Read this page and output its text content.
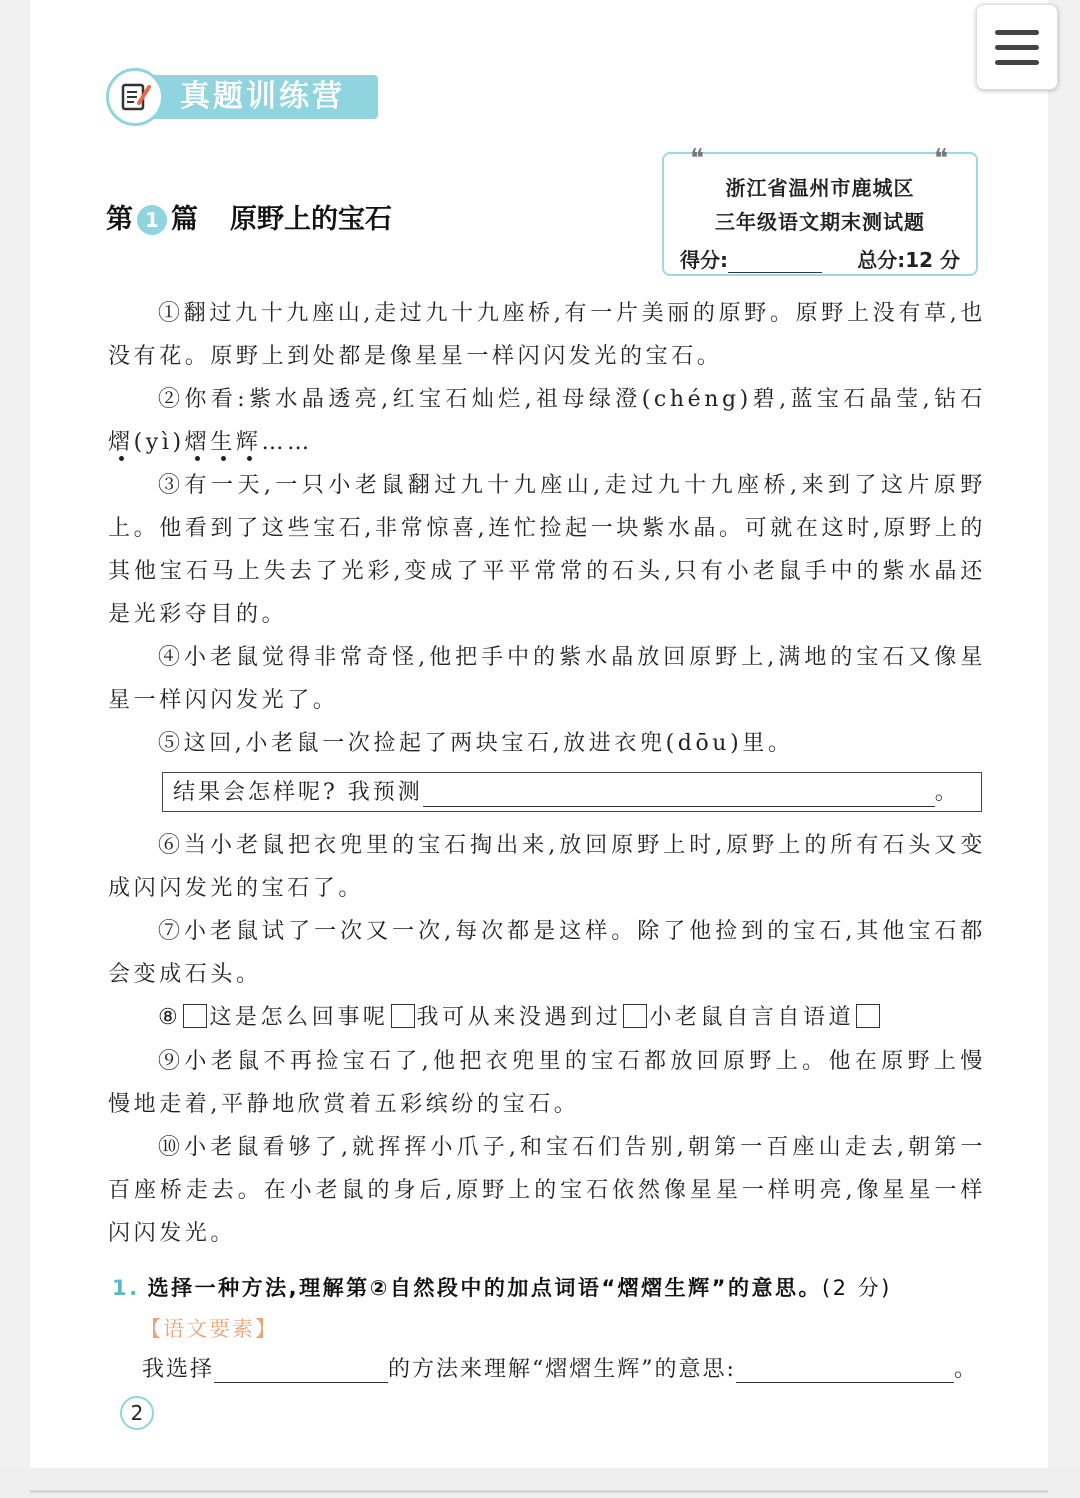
真题训练营
第 1 篇 原野上的宝石
❝	❝
浙江省温州市鹿城区
三年级语文期末测试题
得分:	总分:12 分

①翻过九十九座山,走过九十九座桥,有一片美丽的原野。原野上没有草,也没有花。原野上到处都是像星星一样闪闪发光的宝石。

②你看:紫水晶透亮,红宝石灿烂,祖母绿澄(chéng)碧,蓝宝石晶莹,钻石熠(yì)熠生辉……

③有一天,一只小老鼠翻过九十九座山,走过九十九座桥,来到了这片原野上。他看到了这些宝石,非常惊喜,连忙捡起一块紫水晶。可就在这时,原野上的其他宝石马上失去了光彩,变成了平平常常的石头,只有小老鼠手中的紫水晶还是光彩夺目的。

④小老鼠觉得非常奇怪,他把手中的紫水晶放回原野上,满地的宝石又像星星一样闪闪发光了。

⑤这回,小老鼠一次捡起了两块宝石,放进衣兜(dōu)里。

结果会怎样呢? 我预测	。

⑥当小老鼠把衣兜里的宝石掏出来,放回原野上时,原野上的所有石头又变成闪闪发光的宝石了。

⑦小老鼠试了一次又一次,每次都是这样。除了他捡到的宝石,其他宝石都会变成石头。

⑧ 这是怎么回事呢 我可从来没遇到过 小老鼠自言自语道

⑨小老鼠不再捡宝石了,他把衣兜里的宝石都放回原野上。他在原野上慢慢地走着,平静地欣赏着五彩缤纷的宝石。

⑩小老鼠看够了,就挥挥小爪子,和宝石们告别,朝第一百座山走去,朝第一百座桥走去。在小老鼠的身后,原野上的宝石依然像星星一样明亮,像星星一样闪闪发光。

1. 选择一种方法,理解第②自然段中的加点词语“熠熠生辉”的意思。(2 分)
【语文要素】
我选择	的方法来理解“熠熠生辉”的意思:	。
2
